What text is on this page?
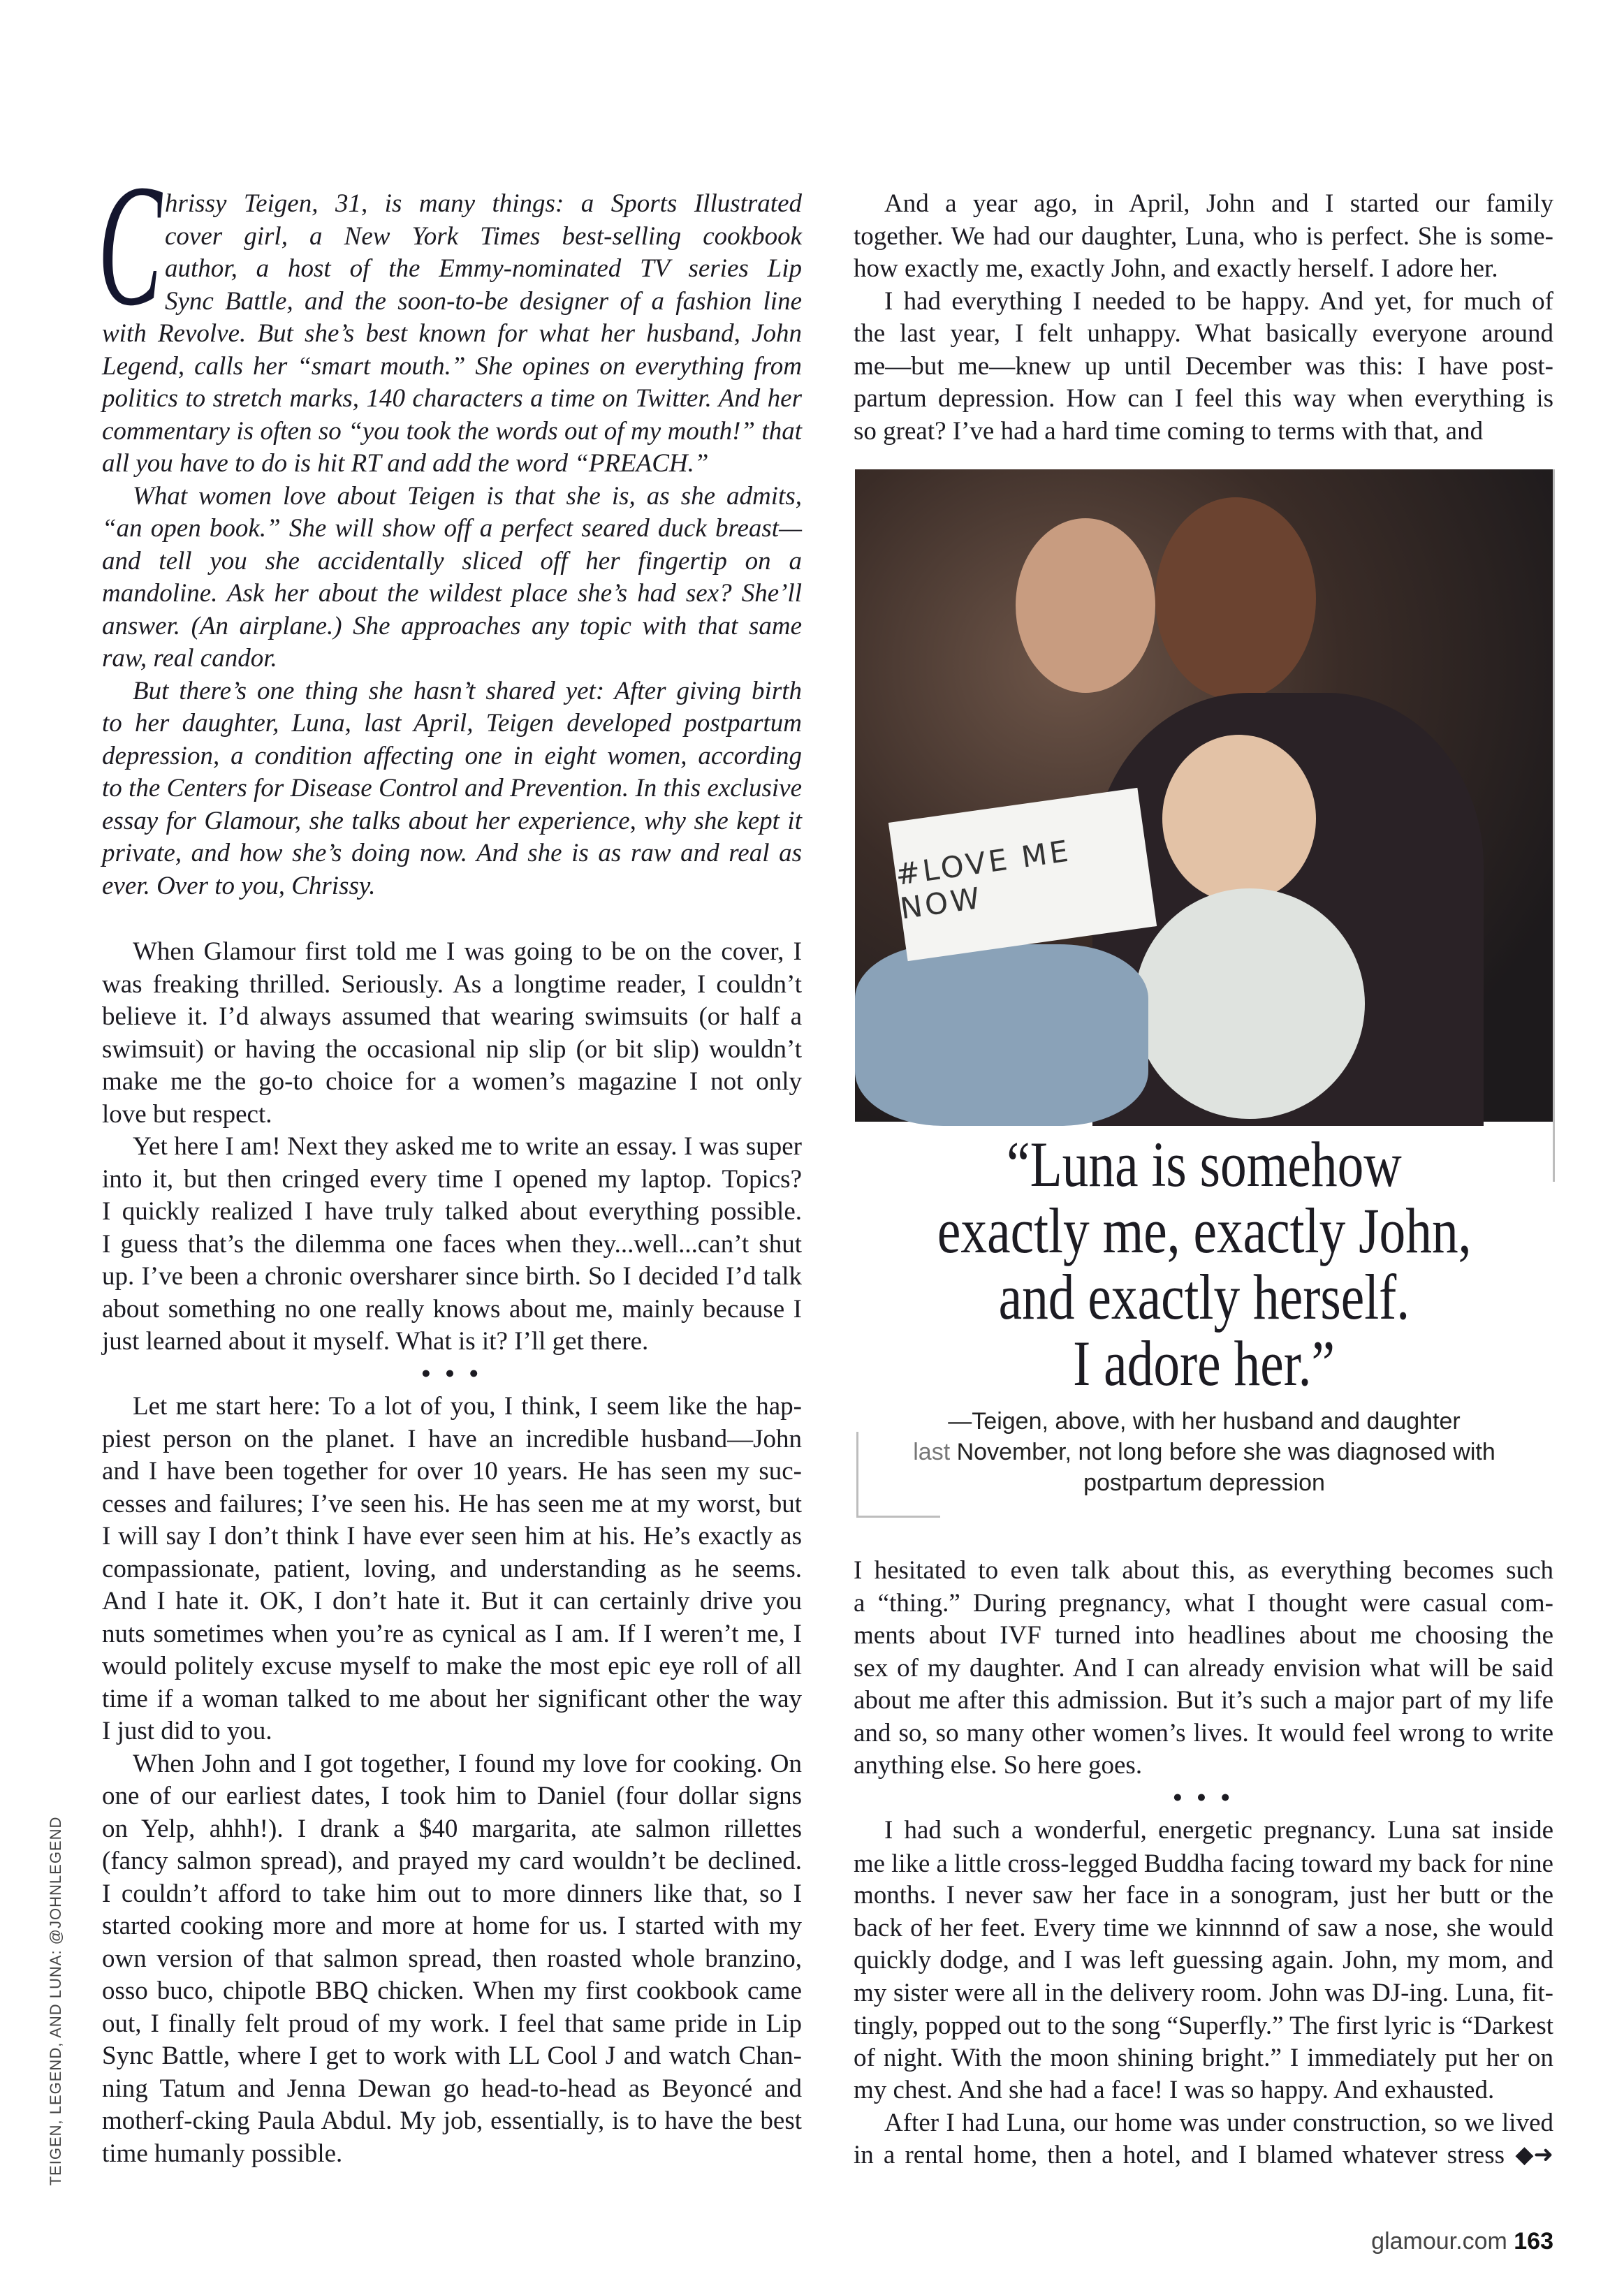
C hrissy Teigen, 31, is many things: a Sports Illustrated
cover girl, a New York Times best-selling cookbook
author, a host of the Emmy-nominated TV series Lip
Sync Battle, and the soon-to-be designer of a fashion line
with Revolve. But she’s best known for what her husband, John
Legend, calls her “smart mouth.” She opines on everything from
politics to stretch marks, 140 characters a time on Twitter. And her
commentary is often so “you took the words out of my mouth!” that
all you have to do is hit RT and add the word “PREACH.”
What women love about Teigen is that she is, as she admits,
“an open book.” She will show off a perfect seared duck breast—
and tell you she accidentally sliced off her fingertip on a
mandoline. Ask her about the wildest place she’s had sex? She’ll
answer. (An airplane.) She approaches any topic with that same
raw, real candor.
But there’s one thing she hasn’t shared yet: After giving birth
to her daughter, Luna, last April, Teigen developed postpartum
depression, a condition affecting one in eight women, according
to the Centers for Disease Control and Prevention. In this exclusive
essay for Glamour, she talks about her experience, why she kept it
private, and how she’s doing now. And she is as raw and real as
ever. Over to you, Chrissy.
When Glamour first told me I was going to be on the cover, I
was freaking thrilled. Seriously. As a longtime reader, I couldn’t
believe it. I’d always assumed that wearing swimsuits (or half a
swimsuit) or having the occasional nip slip (or bit slip) wouldn’t
make me the go-to choice for a women’s magazine I not only
love but respect.
Yet here I am! Next they asked me to write an essay. I was super
into it, but then cringed every time I opened my laptop. Topics?
I quickly realized I have truly talked about everything possible.
I guess that’s the dilemma one faces when they...well...can’t shut
up. I’ve been a chronic oversharer since birth. So I decided I’d talk
about something no one really knows about me, mainly because I
just learned about it myself. What is it? I’ll get there.
• • •
Let me start here: To a lot of you, I think, I seem like the hap-
piest person on the planet. I have an incredible husband—John
and I have been together for over 10 years. He has seen my suc-
cesses and failures; I’ve seen his. He has seen me at my worst, but
I will say I don’t think I have ever seen him at his. He’s exactly as
compassionate, patient, loving, and understanding as he seems.
And I hate it. OK, I don’t hate it. But it can certainly drive you
nuts sometimes when you’re as cynical as I am. If I weren’t me, I
would politely excuse myself to make the most epic eye roll of all
time if a woman talked to me about her significant other the way
I just did to you.
When John and I got together, I found my love for cooking. On
one of our earliest dates, I took him to Daniel (four dollar signs
on Yelp, ahhh!). I drank a $40 margarita, ate salmon rillettes
(fancy salmon spread), and prayed my card wouldn’t be declined.
I couldn’t afford to take him out to more dinners like that, so I
started cooking more and more at home for us. I started with my
own version of that salmon spread, then roasted whole branzino,
osso buco, chipotle BBQ chicken. When my first cookbook came
out, I finally felt proud of my work. I feel that same pride in Lip
Sync Battle, where I get to work with LL Cool J and watch Chan-
ning Tatum and Jenna Dewan go head-to-head as Beyoncé and
motherf-cking Paula Abdul. My job, essentially, is to have the best
time humanly possible.
And a year ago, in April, John and I started our family
together. We had our daughter, Luna, who is perfect. She is some-
how exactly me, exactly John, and exactly herself. I adore her.
I had everything I needed to be happy. And yet, for much of
the last year, I felt unhappy. What basically everyone around
me—but me—knew up until December was this: I have post-
partum depression. How can I feel this way when everything is
so great? I’ve had a hard time coming to terms with that, and
#LOVE ME NOW
“Luna is somehow
exactly me, exactly John,
and exactly herself.
I adore her.”
—Teigen, above, with her husband and daughter
last November, not long before she was diagnosed with
postpartum depression
I hesitated to even talk about this, as everything becomes such
a “thing.” During pregnancy, what I thought were casual com-
ments about IVF turned into headlines about me choosing the
sex of my daughter. And I can already envision what will be said
about me after this admission. But it’s such a major part of my life
and so, so many other women’s lives. It would feel wrong to write
anything else. So here goes.
• • •
I had such a wonderful, energetic pregnancy. Luna sat inside
me like a little cross-legged Buddha facing toward my back for nine
months. I never saw her face in a sonogram, just her butt or the
back of her feet. Every time we kinnnnd of saw a nose, she would
quickly dodge, and I was left guessing again. John, my mom, and
my sister were all in the delivery room. John was DJ-ing. Luna, fit-
tingly, popped out to the song “Superfly.” The first lyric is “Darkest
of night. With the moon shining bright.” I immediately put her on
my chest. And she had a face! I was so happy. And exhausted.
After I had Luna, our home was under construction, so we lived
in a rental home, then a hotel, and I blamed whatever stress ◆➜
TEIGEN, LEGEND, AND LUNA: @JOHNLEGEND
glamour.com 163
